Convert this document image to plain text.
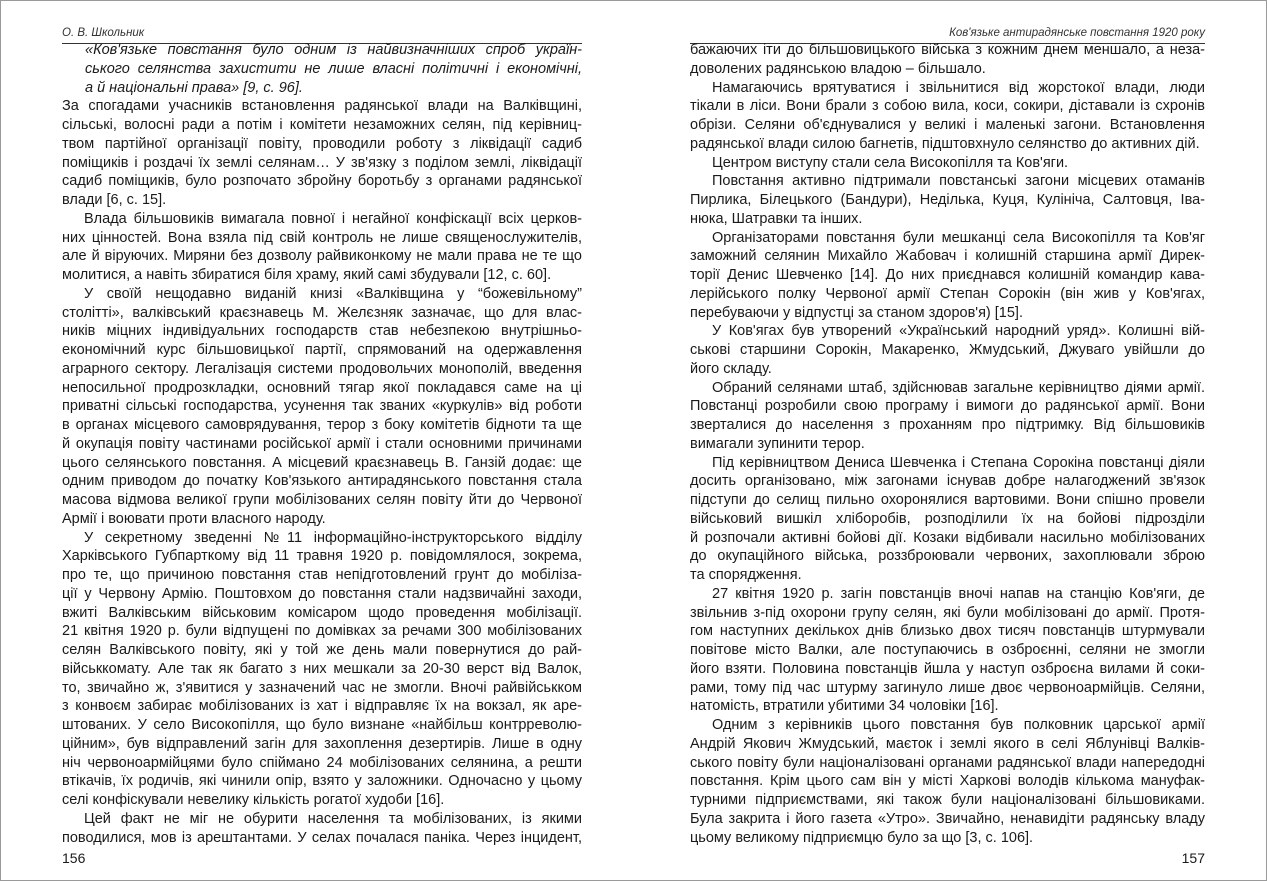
О. В. Школьник
«Ков'язьке повстання було одним із найвизначніших спроб україн-
ського селянства захистити не лише власні політичні і економічні,
а й національні права» [9, с. 96].
За спогадами учасників встановлення радянської влади на Валківщині,
сільські, волосні ради а потім і комітети незаможних селян, під керівниц-
твом партійної організації повіту, проводили роботу з ліквідації садиб
поміщиків і роздачі їх землі селянам… У зв'язку з поділом землі, ліквідації
садиб поміщиків, було розпочато збройну боротьбу з органами радянської
влади [6, с. 15].
Влада більшовиків вимагала повної і негайної конфіскації всіх церков-
них цінностей. Вона взяла під свій контроль не лише священослужителів,
але й віруючих. Миряни без дозволу райвиконкому не мали права не те що
молитися, а навіть збиратися біля храму, який самі збудували [12, с. 60].
У своїй нещодавно виданій книзі «Валківщина у “божевільному”
столітті», валківський краєзнавець М. Желєзняк зазначає, що для влас-
ників міцних індивідуальних господарств став небезпекою внутрішньо-
економічний курс більшовицької партії, спрямований на одержавлення
аграрного сектору. Легалізація системи продовольчих монополій, введення
непосильної продрозкладки, основний тягар якої покладався саме на ці
приватні сільські господарства, усунення так званих «куркулів» від роботи
в органах місцевого самоврядування, терор з боку комітетів бідноти та ще
й окупація повіту частинами російської армії і стали основними причинами
цього селянського повстання. А місцевий краєзнавець В. Ганзій додає: ще
одним приводом до початку Ков'язького антирадянського повстання стала
масова відмова великої групи мобілізованих селян повіту йти до Червоної
Армії і воювати проти власного народу.
У секретному зведенні №11 інформаційно-інструкторського відділу
Харківського Губпарткому від 11 травня 1920 р. повідомлялося, зокрема,
про те, що причиною повстання став непідготовлений грунт до мобіліза-
ції у Червону Армію. Поштовхом до повстання стали надзвичайні заходи,
вжиті Валківським військовим комісаром щодо проведення мобілізації.
21 квітня 1920 р. були відпущені по домівках за речами 300 мобілізованих
селян Валківського повіту, які у той же день мали повернутися до рай-
військкомату. Але так як багато з них мешкали за 20-30 верст від Валок,
то, звичайно ж, з'явитися у зазначений час не змогли. Вночі райвійськком
з конвоєм забирає мобілізованих із хат і відправляє їх на вокзал, як аре-
штованих. У село Високопілля, що було визнане «найбільш контрреволю-
ційним», був відправлений загін для захоплення дезертирів. Лише в одну
ніч червоноармійцями було спіймано 24 мобілізованих селянина, а решти
втікачів, їх родичів, які чинили опір, взято у заложники. Одночасно у цьому
селі конфіскували невелику кількість рогатої худоби [16].
Цей факт не міг не обурити населення та мобілізованих, із якими
поводилися, мов із арештантами. У селах почалася паніка. Через інцидент,
156
Ков'язьке антирадянське повстання 1920 року
бажаючих іти до більшовицького війська з кожним днем меншало, а неза-
доволених радянською владою – більшало.
Намагаючись врятуватися і звільнитися від жорстокої влади, люди
тікали в ліси. Вони брали з собою вила, коси, сокири, діставали із схронів
обрізи. Селяни об'єднувалися у великі і маленькі загони. Встановлення
радянської влади силою багнетів, підштовхнуло селянство до активних дій.
Центром виступу стали села Високопілля та Ков'яги.
Повстання активно підтримали повстанські загони місцевих отаманів
Пирлика, Білецького (Бандури), Неділька, Куця, Кулініча, Салтовця, Іва-
нюка, Шатравки та інших.
Організаторами повстання були мешканці села Високопілля та Ков'яг
заможний селянин Михайло Жабовач і колишній старшина армії Дирек-
торії Денис Шевченко [14]. До них приєднався колишній командир кава-
лерійського полку Червоної армії Степан Сорокін (він жив у Ков'ягах,
перебуваючи у відпустці за станом здоров'я) [15].
У Ков'ягах був утворений «Український народний уряд». Колишні вій-
ськові старшини Сорокін, Макаренко, Жмудський, Джуваго увійшли до
його складу.
Обраний селянами штаб, здійснював загальне керівництво діями армії.
Повстанці розробили свою програму і вимоги до радянської армії. Вони
зверталися до населення з проханням про підтримку. Від більшовиків
вимагали зупинити терор.
Під керівництвом Дениса Шевченка і Степана Сорокіна повстанці діяли
досить організовано, між загонами існував добре налагоджений зв'язок
підступи до селищ пильно охоронялися вартовими. Вони спішно провели
військовий вишкіл хліборобів, розподілили їх на бойові підрозділи
й розпочали активні бойові дії. Козаки відбивали насильно мобілізованих
до окупаційного війська, роззброювали червоних, захоплювали зброю
та спорядження.
27 квітня 1920 р. загін повстанців вночі напав на станцію Ков'яги, де
звільнив з-під охорони групу селян, які були мобілізовані до армії. Протя-
гом наступних декількох днів близько двох тисяч повстанців штурмували
повітове місто Валки, але поступаючись в озброєнні, селяни не змогли
його взяти. Половина повстанців йшла у наступ озброєна вилами й соки-
рами, тому під час штурму загинуло лише двоє червоноармійців. Селяни,
натомість, втратили убитими 34 чоловіки [16].
Одним з керівників цього повстання був полковник царської армії
Андрій Якович Жмудський, маєток і землі якого в селі Яблунівці Валків-
ського повіту були націоналізовані органами радянської влади напередодні
повстання. Крім цього сам він у місті Харкові володів кількома мануфак-
турними підприємствами, які також були націоналізовані більшовиками.
Була закрита і його газета «Утро». Звичайно, ненавидіти радянську владу
цьому великому підприємцю було за що [3, с. 106].
157
